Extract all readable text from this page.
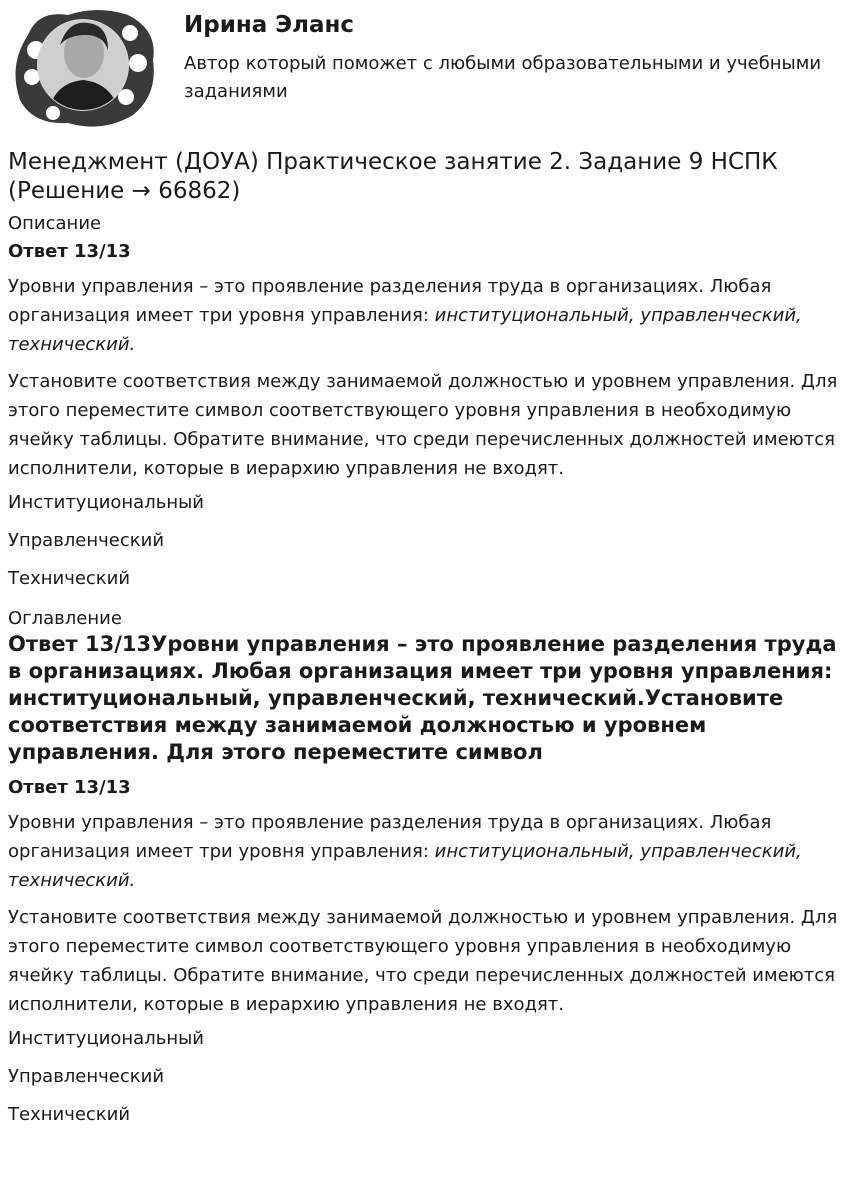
Ирина Эланс

Автор который поможет с любыми образовательными и учебными заданиями

Менеджмент (ДОУА) Практическое занятие 2. Задание 9 НСПК (Решение → 66862)

Описание

Ответ 13/13

Уровни управления – это проявление разделения труда в организациях. Любая организация имеет три уровня управления: институциональный, управленческий, технический.

Установите соответствия между занимаемой должностью и уровнем управления. Для этого переместите символ соответствующего уровня управления в необходимую ячейку таблицы. Обратите внимание, что среди перечисленных должностей имеются исполнители, которые в иерархию управления не входят.

Институциональный

Управленческий

Технический

Оглавление

Ответ 13/13Уровни управления – это проявление разделения труда в организациях. Любая организация имеет три уровня управления: институциональный, управленческий, технический.Установите соответствия между занимаемой должностью и уровнем управления. Для этого переместите символ

Ответ 13/13

Уровни управления – это проявление разделения труда в организациях. Любая организация имеет три уровня управления: институциональный, управленческий, технический.

Установите соответствия между занимаемой должностью и уровнем управления. Для этого переместите символ соответствующего уровня управления в необходимую ячейку таблицы. Обратите внимание, что среди перечисленных должностей имеются исполнители, которые в иерархию управления не входят.

Институциональный

Управленческий

Технический
